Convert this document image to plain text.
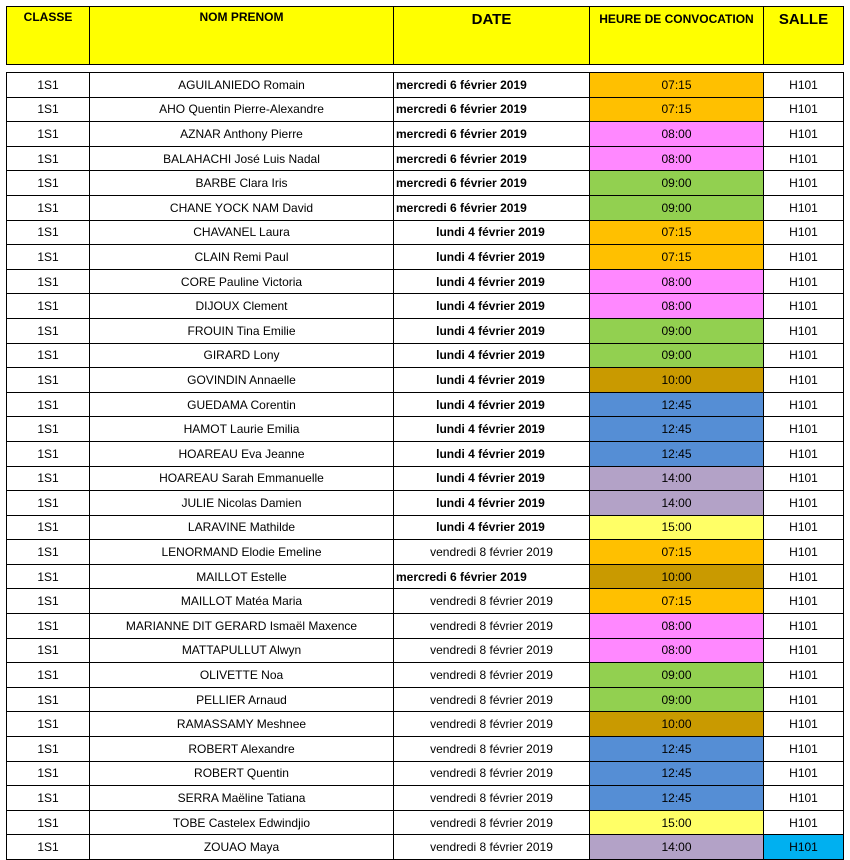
CLASSE	NOM PRENOM	DATE	HEURE DE CONVOCATION	SALLE

1S1	AGUILANIEDO Romain	mercredi 6 février 2019	07:15	H101
1S1	AHO Quentin Pierre-Alexandre	mercredi 6 février 2019	07:15	H101
1S1	AZNAR Anthony Pierre	mercredi 6 février 2019	08:00	H101
1S1	BALAHACHI José Luis Nadal	mercredi 6 février 2019	08:00	H101
1S1	BARBE Clara Iris	mercredi 6 février 2019	09:00	H101
1S1	CHANE YOCK NAM David	mercredi 6 février 2019	09:00	H101
1S1	CHAVANEL Laura	lundi 4 février 2019	07:15	H101
1S1	CLAIN Remi Paul	lundi 4 février 2019	07:15	H101
1S1	CORE Pauline Victoria	lundi 4 février 2019	08:00	H101
1S1	DIJOUX Clement	lundi 4 février 2019	08:00	H101
1S1	FROUIN Tina Emilie	lundi 4 février 2019	09:00	H101
1S1	GIRARD Lony	lundi 4 février 2019	09:00	H101
1S1	GOVINDIN Annaelle	lundi 4 février 2019	10:00	H101
1S1	GUEDAMA Corentin	lundi 4 février 2019	12:45	H101
1S1	HAMOT Laurie Emilia	lundi 4 février 2019	12:45	H101
1S1	HOAREAU Eva Jeanne	lundi 4 février 2019	12:45	H101
1S1	HOAREAU Sarah Emmanuelle	lundi 4 février 2019	14:00	H101
1S1	JULIE Nicolas Damien	lundi 4 février 2019	14:00	H101
1S1	LARAVINE Mathilde	lundi 4 février 2019	15:00	H101
1S1	LENORMAND Elodie Emeline	vendredi 8 février 2019	07:15	H101
1S1	MAILLOT Estelle	mercredi 6 février 2019	10:00	H101
1S1	MAILLOT Matéa Maria	vendredi 8 février 2019	07:15	H101
1S1	MARIANNE DIT GERARD Ismaël Maxence	vendredi 8 février 2019	08:00	H101
1S1	MATTAPULLUT Alwyn	vendredi 8 février 2019	08:00	H101
1S1	OLIVETTE Noa	vendredi 8 février 2019	09:00	H101
1S1	PELLIER Arnaud	vendredi 8 février 2019	09:00	H101
1S1	RAMASSAMY Meshnee	vendredi 8 février 2019	10:00	H101
1S1	ROBERT Alexandre	vendredi 8 février 2019	12:45	H101
1S1	ROBERT Quentin	vendredi 8 février 2019	12:45	H101
1S1	SERRA Maëline Tatiana	vendredi 8 février 2019	12:45	H101
1S1	TOBE Castelex Edwindjio	vendredi 8 février 2019	15:00	H101
1S1	ZOUAO Maya	vendredi 8 février 2019	14:00	H101
